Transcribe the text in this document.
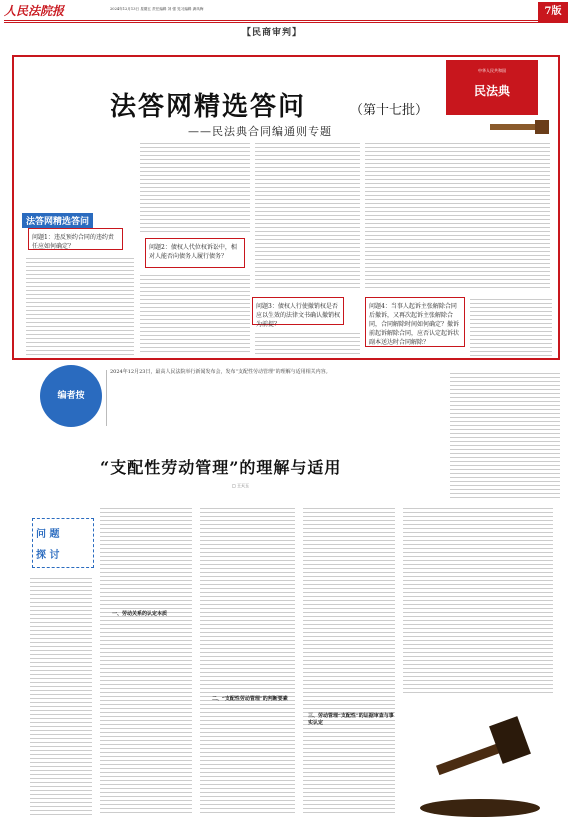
人民法院报	2024年12月13日 星期五 责任编辑 刘 强 见习编辑 龚凤梅	7版
【民商审判】
法答网精选答问	（第十七批）
——民法典合同编通则专题
中华人民共和国
民法典
法答网精选答问
问题1：违反预约合同的违约责任应如何确定？	问题2：债权人代位权诉讼中，相对人能否向债务人履行债务？
问题3：债权人行使撤销权是否应以生效的法律文书确认撤销权为前提？
问题4：当事人起诉主张解除合同后撤诉，又再次起诉主张解除合同，合同解除时间如何确定？撤诉前起诉解除合同，应否认定起诉状副本送达时合同解除？
编者按
2024年12月23日，最高人民法院举行新闻发布会，发布“支配性劳动管理”的理解与适用相关内容。
“支配性劳动管理”的理解与适用
□ 王天玉
问 题
探 讨
一、劳动关系的认定本质
二、“支配性劳动管理”的判断要素
三、劳动管理“支配性”的证据审查与事实认定
